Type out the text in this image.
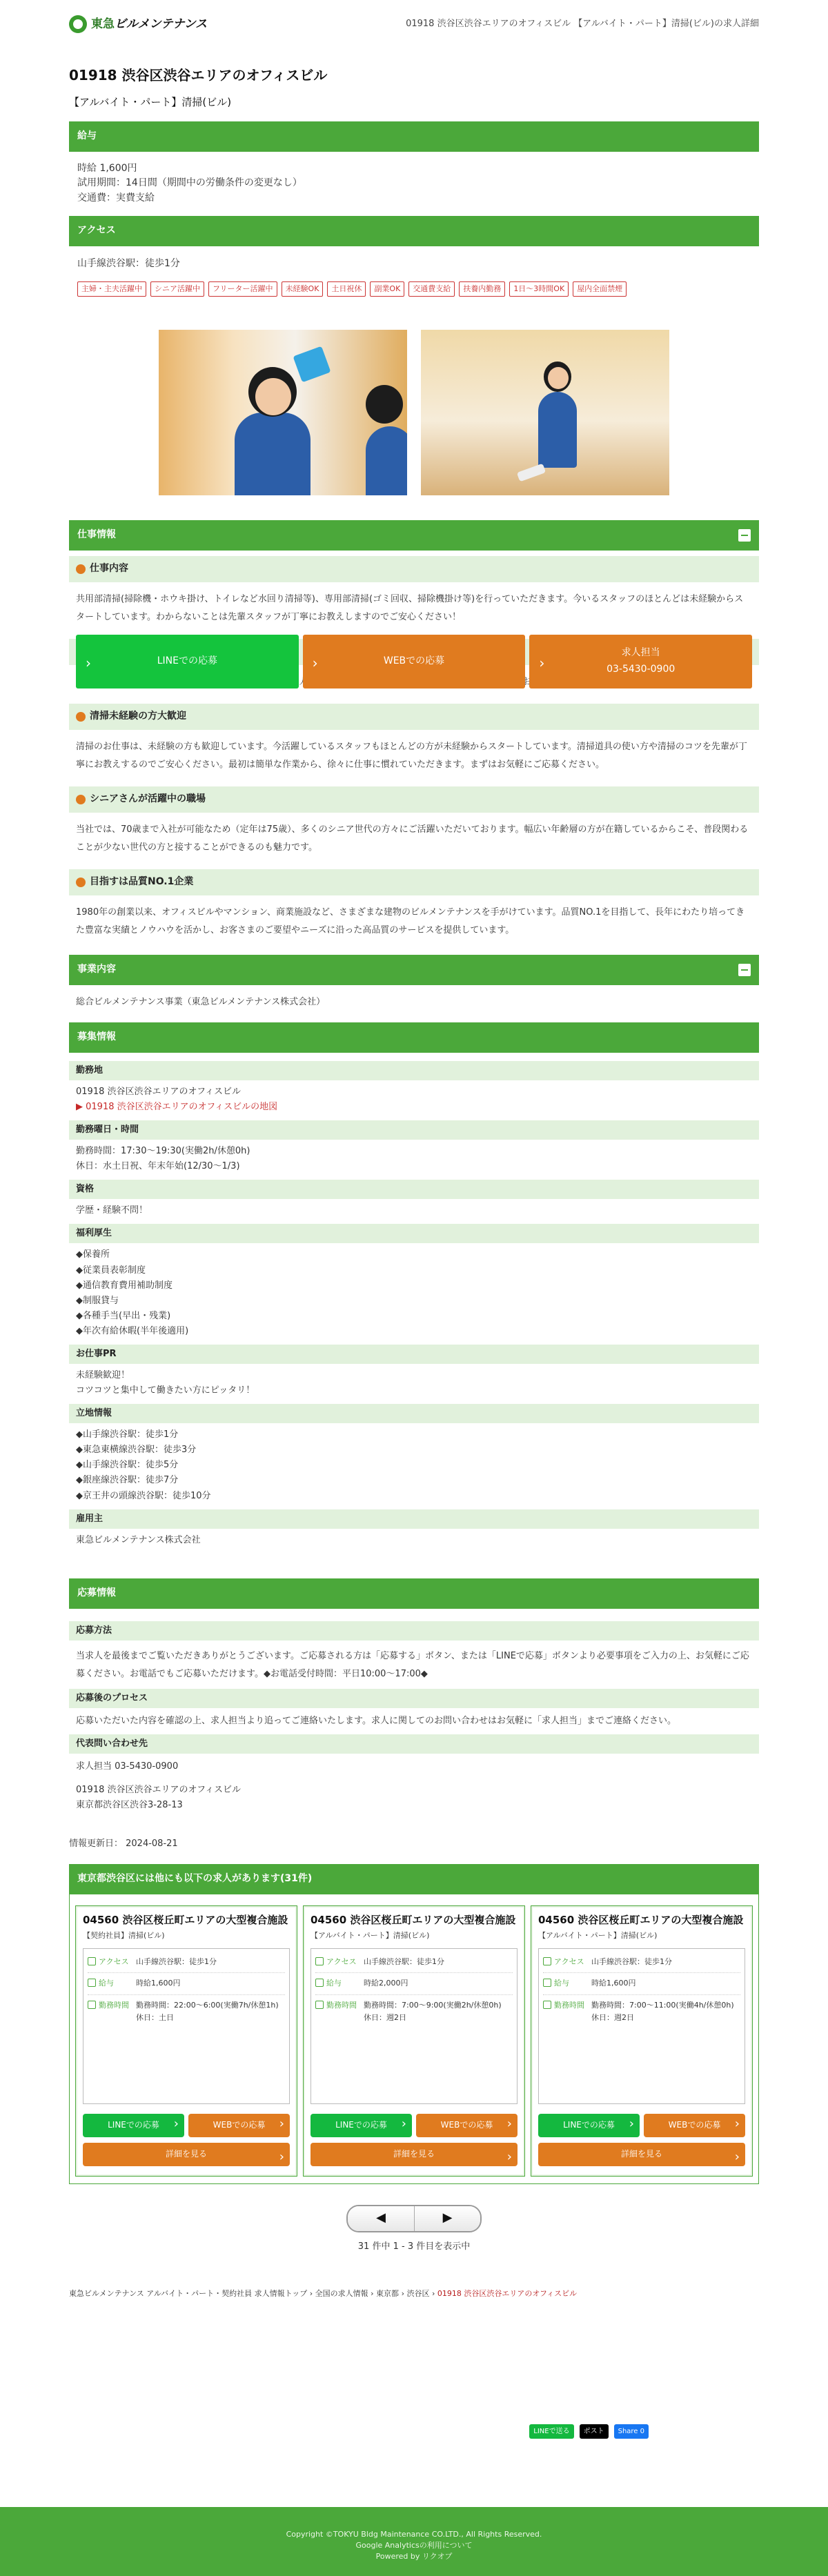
東急ビルメンテナンス	01918 渋谷区渋谷エリアのオフィスビル 【アルバイト・パート】清掃(ビル)の求人詳細
01918 渋谷区渋谷エリアのオフィスビル
【アルバイト・パート】清掃(ビル)
給与
時給 1,600円
試用期間：14日間（期間中の労働条件の変更なし）
交通費：実費支給
アクセス
山手線渋谷駅：徒歩1分
主婦・主夫活躍中	シニア活躍中	フリーター活躍中	未経験OK	土日祝休	副業OK	交通費支給	扶養内勤務	1日〜3時間OK	屋内全面禁煙
仕事情報
仕事内容
共用部清掃(掃除機・ホウキ掛け、トイレなど水回り清掃等)、専用部清掃(ゴミ回収、掃除機掛け等)を行っていただきます。今いるスタッフのほとんどは未経験からスタートしています。わからないことは先輩スタッフが丁寧にお教えしますのでご安心ください！
清掃未経験の方大歓迎
清掃のお仕事は、未経験の方も歓迎しています。今活躍しているスタッフもほとんどの方が未経験からスタートしています。清掃道具の使い方や清掃のコツを先輩が丁寧にお教えするのでご安心ください。最初は簡単な作業から、徐々に仕事に慣れていただきます。まずはお気軽にご応募ください。
シニアさんが活躍中の職場
当社では、70歳まで入社が可能なため（定年は75歳）、多くのシニア世代の方々にご活躍いただいております。幅広い年齢層の方が在籍しているからこそ、普段関わることが少ない世代の方と接することができるのも魅力です。
目指すは品質NO.1企業
1980年の創業以来、オフィスビルやマンション、商業施設など、さまざまな建物のビルメンテナンスを手がけています。品質NO.1を目指して、長年にわたり培ってきた豊富な実績とノウハウを活かし、お客さまのご要望やニーズに沿った高品質のサービスを提供しています。
事業内容
総合ビルメンテナンス事業（東急ビルメンテナンス株式会社）
募集情報
勤務地
01918 渋谷区渋谷エリアのオフィスビル
▶ 01918 渋谷区渋谷エリアのオフィスビルの地図
勤務曜日・時間
勤務時間：17:30〜19:30(実働2h/休憩0h)
休日：水土日祝、年末年始(12/30〜1/3)
資格
学歴・経験不問！
福利厚生
◆保養所
◆従業員表彰制度
◆通信教育費用補助制度
◆制服貸与
◆各種手当(早出・残業)
◆年次有給休暇(半年後適用)
お仕事PR
未経験歓迎！
コツコツと集中して働きたい方にピッタリ！
立地情報
◆山手線渋谷駅：徒歩1分
◆東急東横線渋谷駅：徒歩3分
◆山手線渋谷駅：徒歩5分
◆銀座線渋谷駅：徒歩7分
◆京王井の頭線渋谷駅：徒歩10分
雇用主
東急ビルメンテナンス株式会社
応募情報
応募方法
当求人を最後までご覧いただきありがとうございます。ご応募される方は「応募する」ボタン、または「LINEで応募」ボタンより必要事項をご入力の上、お気軽にご応募ください。お電話でもご応募いただけます。◆お電話受付時間：平日10:00〜17:00◆
応募後のプロセス
応募いただいた内容を確認の上、求人担当より追ってご連絡いたします。求人に関してのお問い合わせはお気軽に「求人担当」までご連絡ください。
代表問い合わせ先
求人担当 03-5430-0900
01918 渋谷区渋谷エリアのオフィスビル
東京都渋谷区渋谷3-28-13
情報更新日： 2024-08-21
東京都渋谷区には他にも以下の求人があります(31件)
04560 渋谷区桜丘町エリアの大型複合施設
【契約社員】清掃(ビル)
アクセス 山手線渋谷駅：徒歩1分
給与	時給1,600円
勤務時間 勤務時間：22:00〜6:00(実働7h/休憩1h)
休日：土日
LINEでの応募 ›	WEBでの応募 ›
詳細を見る ›
04560 渋谷区桜丘町エリアの大型複合施設
【アルバイト・パート】清掃(ビル)
アクセス 山手線渋谷駅：徒歩1分
給与	時給2,000円
勤務時間 勤務時間：7:00〜9:00(実働2h/休憩0h)
休日：週2日
LINEでの応募 ›	WEBでの応募 ›
詳細を見る ›
04560 渋谷区桜丘町エリアの大型複合施設
【アルバイト・パート】清掃(ビル)
アクセス 山手線渋谷駅：徒歩1分
給与	時給1,600円
勤務時間 勤務時間：7:00〜11:00(実働4h/休憩0h)
休日：週2日
LINEでの応募 ›	WEBでの応募 ›
詳細を見る ›
◀	▶
31 件中 1 - 3 件目を表示中
東急ビルメンテナンス アルバイト・パート・契約社員 求人情報トップ › 全国の求人情報 › 東京都 › 渋谷区 › 01918 渋谷区渋谷エリアのオフィスビル
LINEで送る	ポスト	Share 0
› LINEでの応募
›	WEBでの応募
› 求人担当
03-5430-0900
Copyright ©TOKYU Bldg Maintenance CO.LTD., All Rights Reserved.
Google Analyticsの利用について
Powered by リクオプ
